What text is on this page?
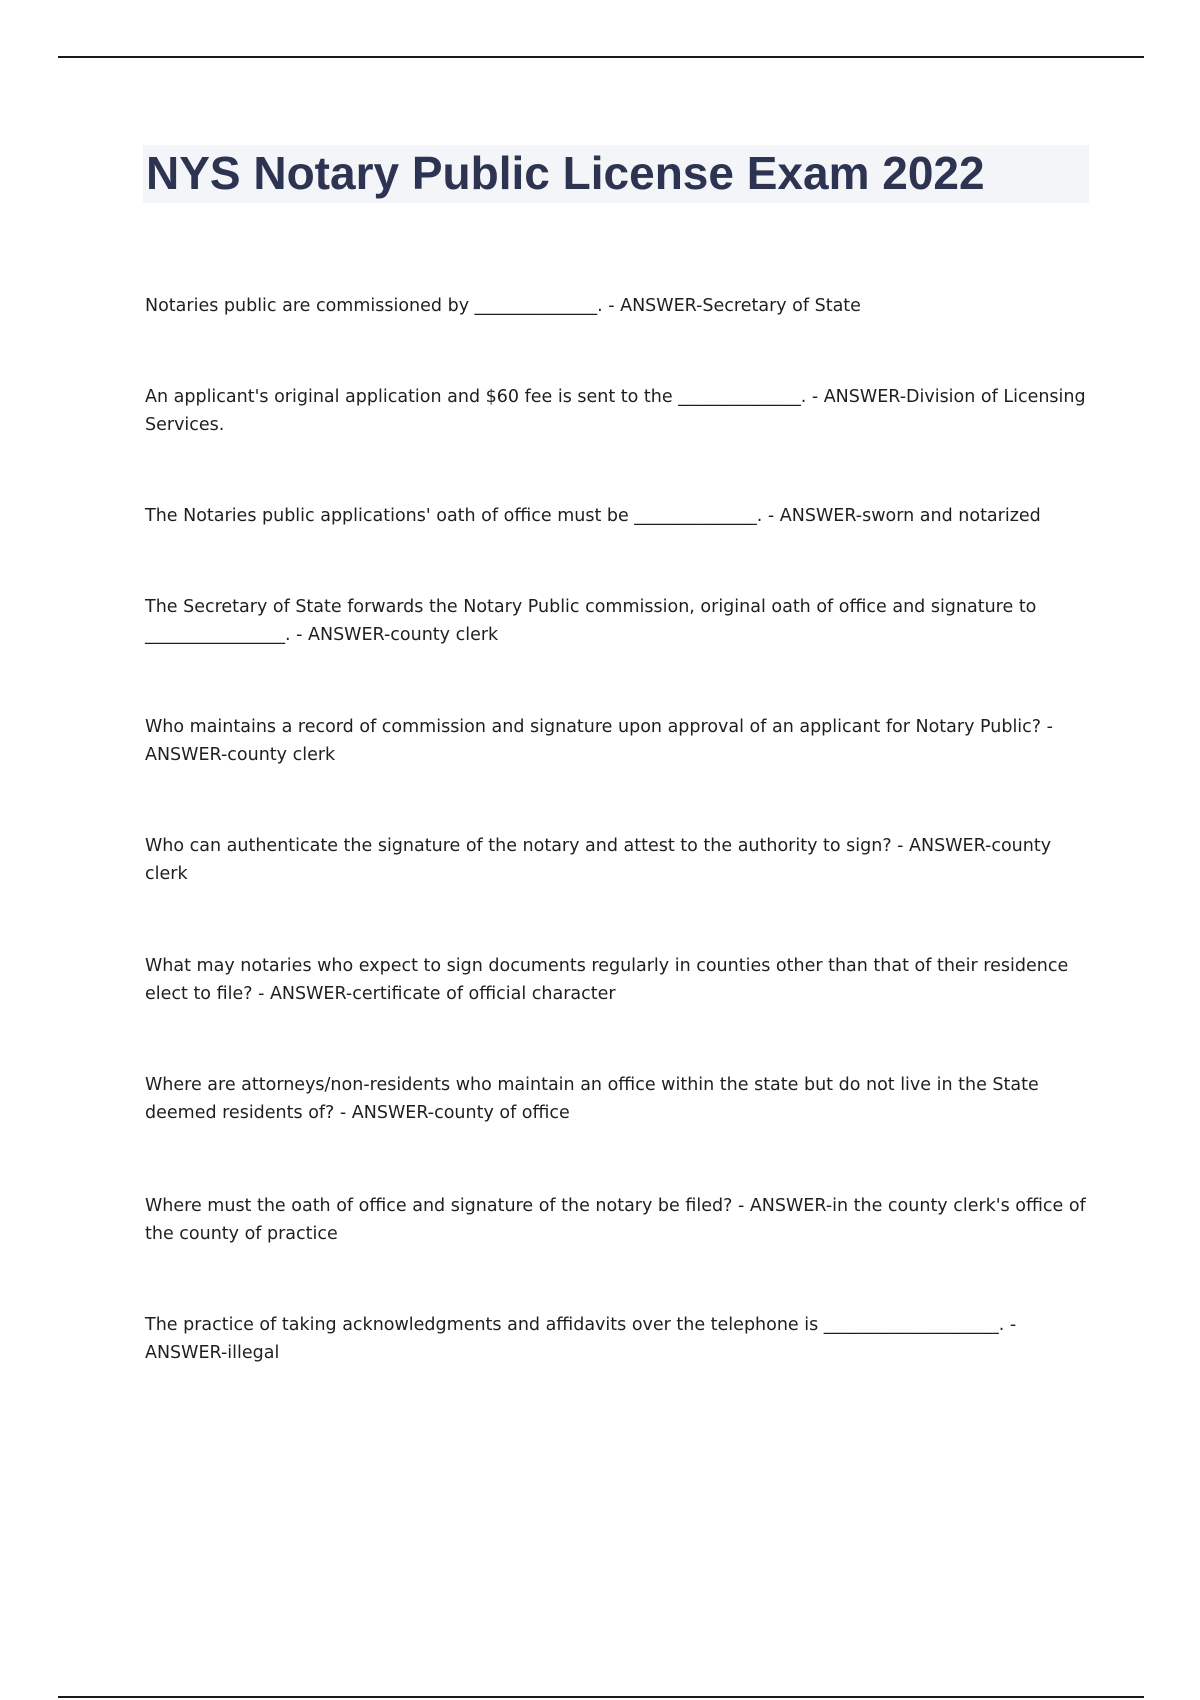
NYS Notary Public License Exam 2022

Notaries public are commissioned by ______________. - ANSWER-Secretary of State

An applicant's original application and $60 fee is sent to the ______________. - ANSWER-Division of Licensing Services.

The Notaries public applications' oath of office must be ______________. - ANSWER-sworn and notarized

The Secretary of State forwards the Notary Public commission, original oath of office and signature to ________________. - ANSWER-county clerk

Who maintains a record of commission and signature upon approval of an applicant for Notary Public? - ANSWER-county clerk

Who can authenticate the signature of the notary and attest to the authority to sign? - ANSWER-county clerk

What may notaries who expect to sign documents regularly in counties other than that of their residence elect to file? - ANSWER-certificate of official character

Where are attorneys/non-residents who maintain an office within the state but do not live in the State deemed residents of? - ANSWER-county of office

Where must the oath of office and signature of the notary be filed? - ANSWER-in the county clerk's office of the county of practice

The practice of taking acknowledgments and affidavits over the telephone is ____________________. - ANSWER-illegal
